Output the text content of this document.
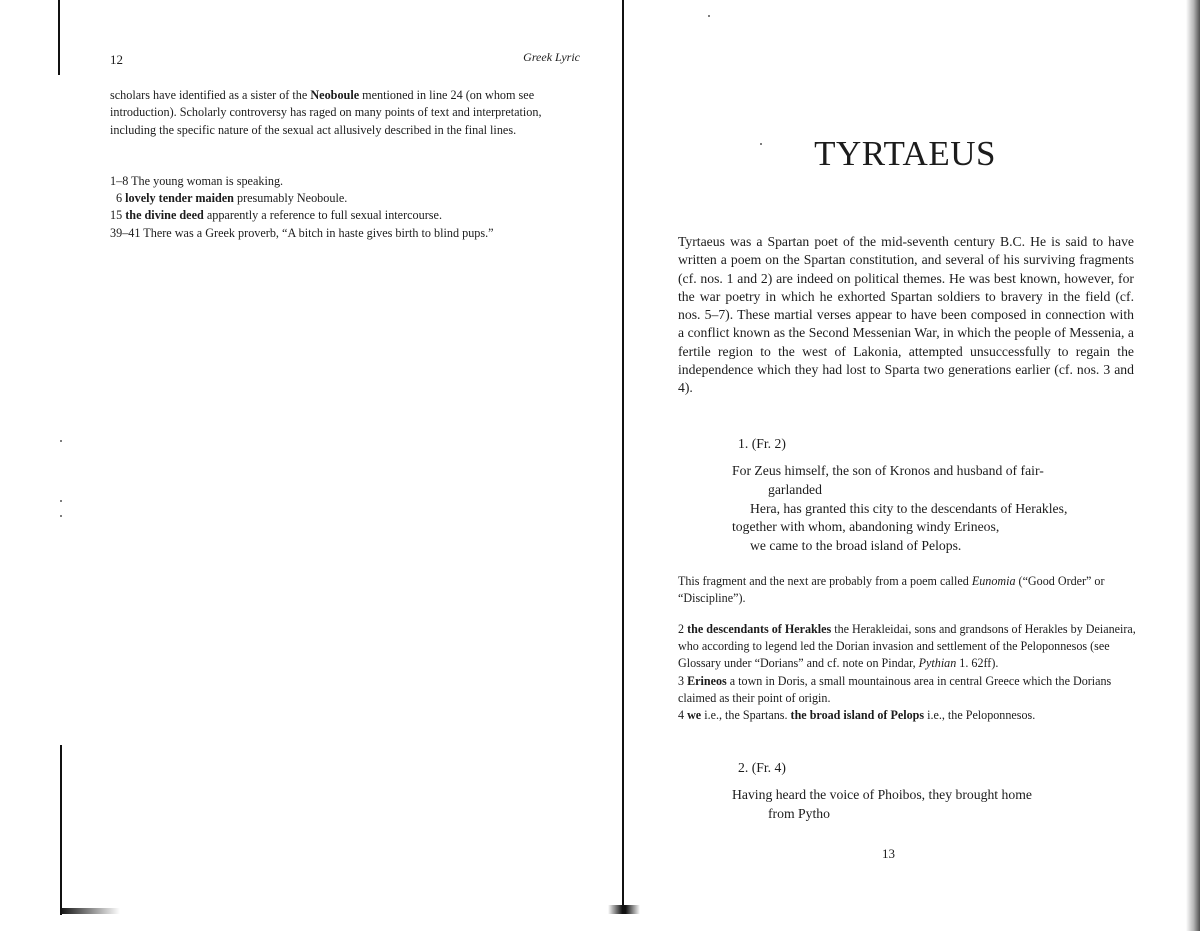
12	Greek Lyric

scholars have identified as a sister of the Neoboule mentioned in line 24 (on whom see introduction). Scholarly controversy has raged on many points of text and interpretation, including the specific nature of the sexual act allusively described in the final lines.

1–8 The young woman is speaking.

6 lovely tender maiden presumably Neoboule.

15 the divine deed apparently a reference to full sexual intercourse.

39–41 There was a Greek proverb, “A bitch in haste gives birth to blind pups.”

TYRTAEUS

Tyrtaeus was a Spartan poet of the mid-seventh century B.C. He is said to have written a poem on the Spartan constitution, and several of his surviving fragments (cf. nos. 1 and 2) are indeed on political themes. He was best known, however, for the war poetry in which he exhorted Spartan soldiers to bravery in the field (cf. nos. 5–7). These martial verses appear to have been composed in connection with a conflict known as the Second Messenian War, in which the people of Messenia, a fertile region to the west of Lakonia, attempted unsuccessfully to regain the independence which they had lost to Sparta two generations earlier (cf. nos. 3 and 4).

1. (Fr. 2)

For Zeus himself, the son of Kronos and husband of fair-

garlanded

Hera, has granted this city to the descendants of Herakles,

together with whom, abandoning windy Erineos,

we came to the broad island of Pelops.

This fragment and the next are probably from a poem called Eunomia (“Good Order” or “Discipline”).

2 the descendants of Herakles the Herakleidai, sons and grandsons of Herakles by Deianeira, who according to legend led the Dorian invasion and settlement of the Peloponnesos (see Glossary under “Dorians” and cf. note on Pindar, Pythian 1. 62ff).

3 Erineos a town in Doris, a small mountainous area in central Greece which the Dorians claimed as their point of origin.

4 we i.e., the Spartans. the broad island of Pelops i.e., the Peloponnesos.

2. (Fr. 4)

Having heard the voice of Phoibos, they brought home

from Pytho

13
